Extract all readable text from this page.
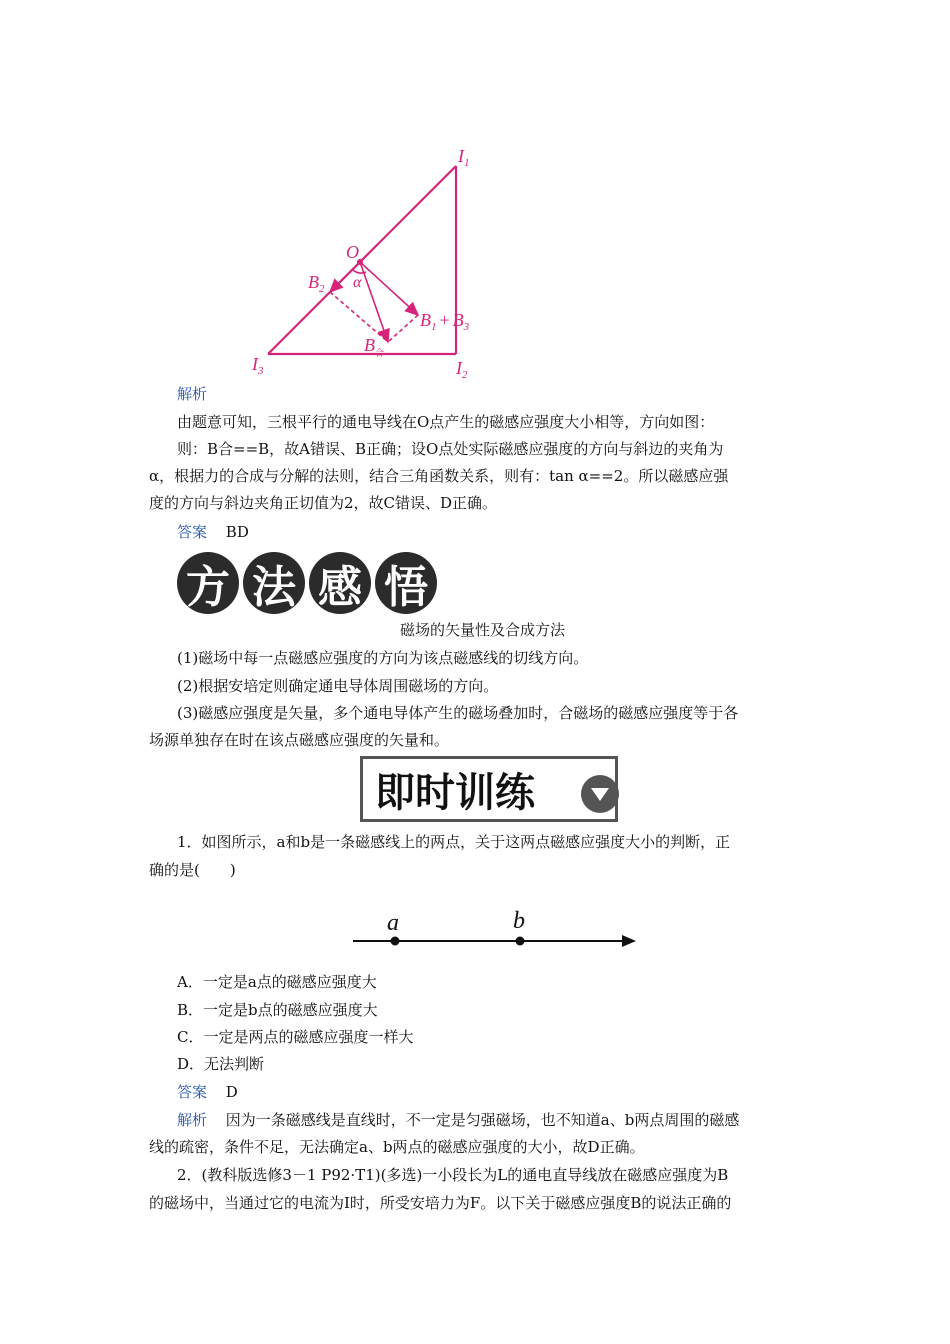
$I_1$
$I_2$
$I_3$
O
α
$B_2$
$B_1 + B_3$
$B_合$
解析
由题意可知，三根平行的通电导线在O点产生的磁感应强度大小相等，方向如图：
则：B合==B，故A错误、B正确；设O点处实际磁感应强度的方向与斜边的夹角为
α，根据力的合成与分解的法则，结合三角函数关系，则有：tan α==2。所以磁感应强
度的方向与斜边夹角正切值为2，故C错误、D正确。
答案 BD
方 法 感 悟
磁场的矢量性及合成方法
(1)磁场中每一点磁感应强度的方向为该点磁感线的切线方向。
(2)根据安培定则确定通电导体周围磁场的方向。
(3)磁感应强度是矢量，多个通电导体产生的磁场叠加时，合磁场的磁感应强度等于各
场源单独存在时在该点磁感应强度的矢量和。
即时训练
1．如图所示，a和b是一条磁感线上的两点，关于这两点磁感应强度大小的判断，正
确的是(　　)
a	b
A．一定是a点的磁感应强度大
B．一定是b点的磁感应强度大
C．一定是两点的磁感应强度一样大
D．无法判断
答案 D
解析 因为一条磁感线是直线时，不一定是匀强磁场，也不知道a、b两点周围的磁感
线的疏密，条件不足，无法确定a、b两点的磁感应强度的大小，故D正确。
2．(教科版选修3－1 P92·T1)(多选)一小段长为L的通电直导线放在磁感应强度为B
的磁场中，当通过它的电流为I时，所受安培力为F。以下关于磁感应强度B的说法正确的
